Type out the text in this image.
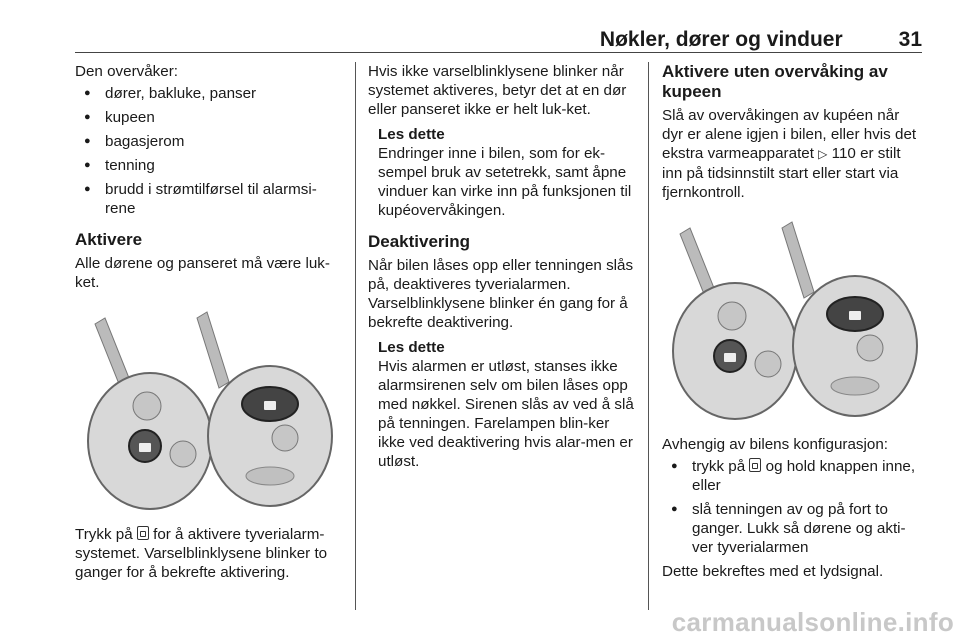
Nøkler, dører og vinduer	31

Den overvåker:

● dører, bakluke, panser
● kupeen
● bagasjerom
● tenning
● brudd i strømtilførsel til alarmsi-rene
Aktivere

Alle dørene og panseret må være luk-ket.

Trykk på  for å aktivere tyverialarm-systemet. Varselblinklysene blinker to ganger for å bekrefte aktivering.

Hvis ikke varselblinklysene blinker når systemet aktiveres, betyr det at en dør eller panseret ikke er helt luk-ket.

Les dette
Endringer inne i bilen, som for ek-sempel bruk av setetrekk, samt åpne vinduer kan virke inn på funksjonen til kupéovervåkingen.
Deaktivering

Når bilen låses opp eller tenningen slås på, deaktiveres tyverialarmen. Varselblinklysene blinker én gang for å bekrefte deaktivering.

Les dette
Hvis alarmen er utløst, stanses ikke alarmsirenen selv om bilen låses opp med nøkkel. Sirenen slås av ved å slå på tenningen. Farelampen blin-ker ikke ved deaktivering hvis alar-men er utløst.
Aktivere uten overvåking av kupeen

Slå av overvåkingen av kupéen når dyr er alene igjen i bilen, eller hvis det ekstra varmeapparatet ▷ 110 er stilt inn på tidsinnstilt start eller start via fjernkontroll.

Avhengig av bilens konfigurasjon:

● trykk på  og hold knappen inne, eller
● slå tenningen av og på fort to ganger. Lukk så dørene og akti-ver tyverialarmen

Dette bekreftes med et lydsignal.

carmanualsonline.info
